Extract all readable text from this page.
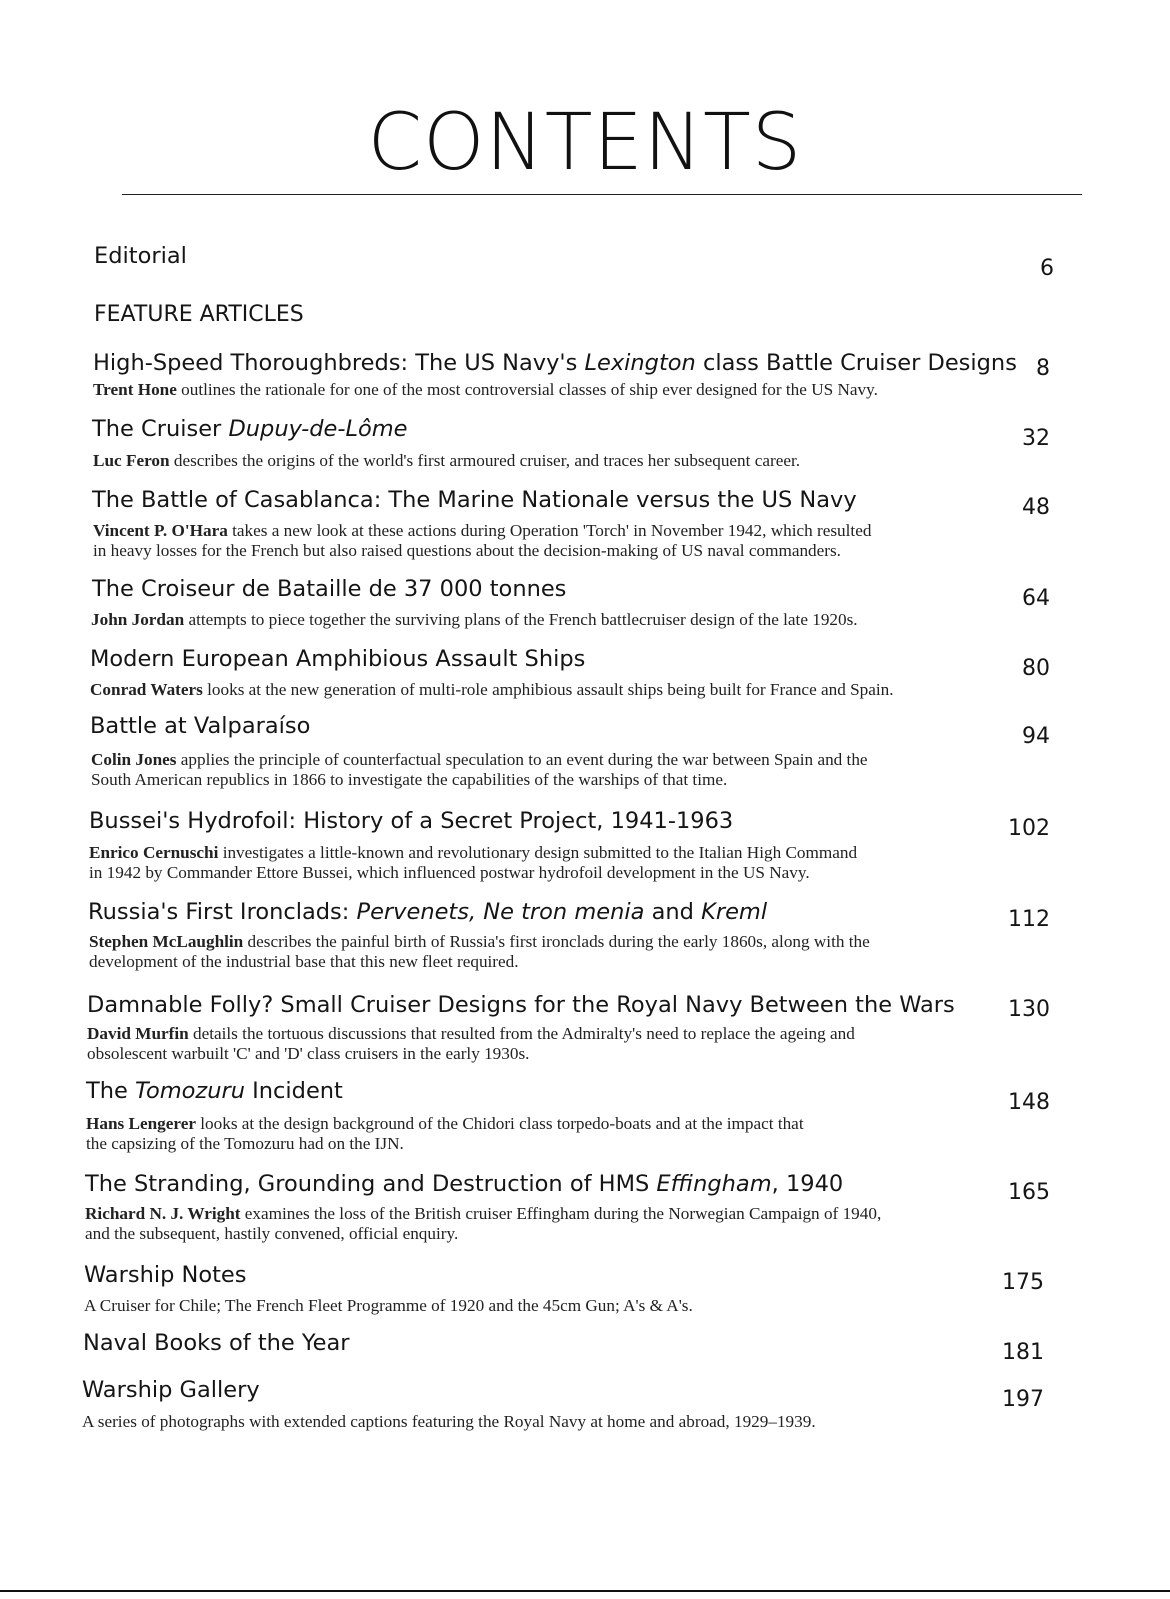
CONTENTS
Editorial	6
FEATURE ARTICLES
High-Speed Thoroughbreds: The US Navy's Lexington class Battle Cruiser Designs 8
Trent Hone outlines the rationale for one of the most controversial classes of ship ever designed for the US Navy.
The Cruiser Dupuy-de-Lôme	32
Luc Feron describes the origins of the world's first armoured cruiser, and traces her subsequent career.
The Battle of Casablanca: The Marine Nationale versus the US Navy	48
Vincent P. O'Hara takes a new look at these actions during Operation 'Torch' in November 1942, which resulted
in heavy losses for the French but also raised questions about the decision-making of US naval commanders.
The Croiseur de Bataille de 37 000 tonnes	64
John Jordan attempts to piece together the surviving plans of the French battlecruiser design of the late 1920s.
Modern European Amphibious Assault Ships	80
Conrad Waters looks at the new generation of multi-role amphibious assault ships being built for France and Spain.
Battle at Valparaíso	94
Colin Jones applies the principle of counterfactual speculation to an event during the war between Spain and the
South American republics in 1866 to investigate the capabilities of the warships of that time.
Bussei's Hydrofoil: History of a Secret Project, 1941-1963	102
Enrico Cernuschi investigates a little-known and revolutionary design submitted to the Italian High Command
in 1942 by Commander Ettore Bussei, which influenced postwar hydrofoil development in the US Navy.
Russia's First Ironclads: Pervenets, Ne tron menia and Kreml	112
Stephen McLaughlin describes the painful birth of Russia's first ironclads during the early 1860s, along with the
development of the industrial base that this new fleet required.
Damnable Folly? Small Cruiser Designs for the Royal Navy Between the Wars	130
David Murfin details the tortuous discussions that resulted from the Admiralty's need to replace the ageing and
obsolescent warbuilt 'C' and 'D' class cruisers in the early 1930s.
The Tomozuru Incident	148
Hans Lengerer looks at the design background of the Chidori class torpedo-boats and at the impact that
the capsizing of the Tomozuru had on the IJN.
The Stranding, Grounding and Destruction of HMS Effingham, 1940	165
Richard N. J. Wright examines the loss of the British cruiser Effingham during the Norwegian Campaign of 1940,
and the subsequent, hastily convened, official enquiry.
Warship Notes	175
A Cruiser for Chile; The French Fleet Programme of 1920 and the 45cm Gun; A's & A's.
Naval Books of the Year	181
Warship Gallery	197
A series of photographs with extended captions featuring the Royal Navy at home and abroad, 1929–1939.
